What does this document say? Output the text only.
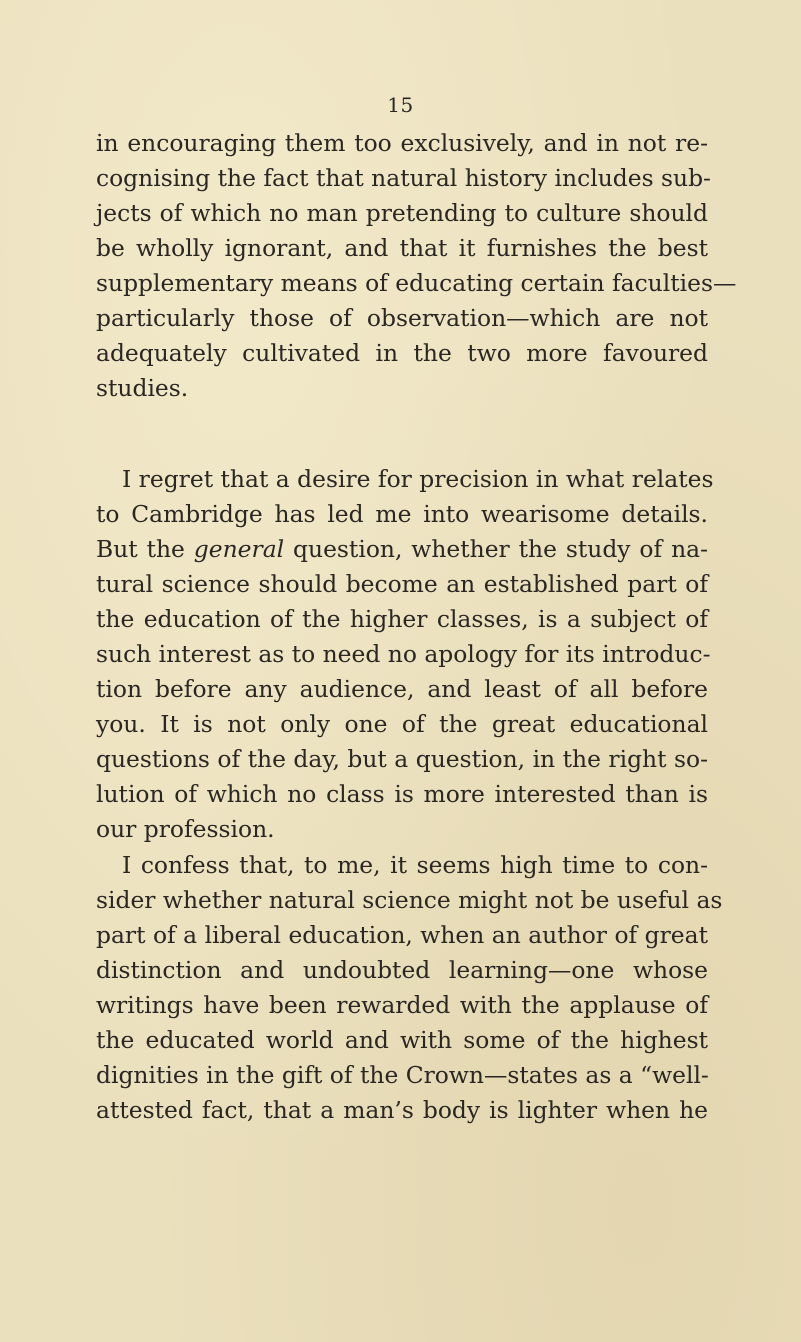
15
in encouraging them too exclusively, and in not re-
cognising the fact that natural history includes sub-
jects of which no man pretending to culture should
be wholly ignorant, and that it furnishes the best
supplementary means of educating certain faculties—
particularly those of observation—which are not
adequately cultivated in the two more favoured
studies.
I regret that a desire for precision in what relates
to Cambridge has led me into wearisome details.
But the general question, whether the study of na-
tural science should become an established part of
the education of the higher classes, is a subject of
such interest as to need no apology for its introduc-
tion before any audience, and least of all before
you. It is not only one of the great educational
questions of the day, but a question, in the right so-
lution of which no class is more interested than is
our profession.
I confess that, to me, it seems high time to con-
sider whether natural science might not be useful as
part of a liberal education, when an author of great
distinction and undoubted learning—one whose
writings have been rewarded with the applause of
the educated world and with some of the highest
dignities in the gift of the Crown—states as a “well-
attested fact, that a man’s body is lighter when he
